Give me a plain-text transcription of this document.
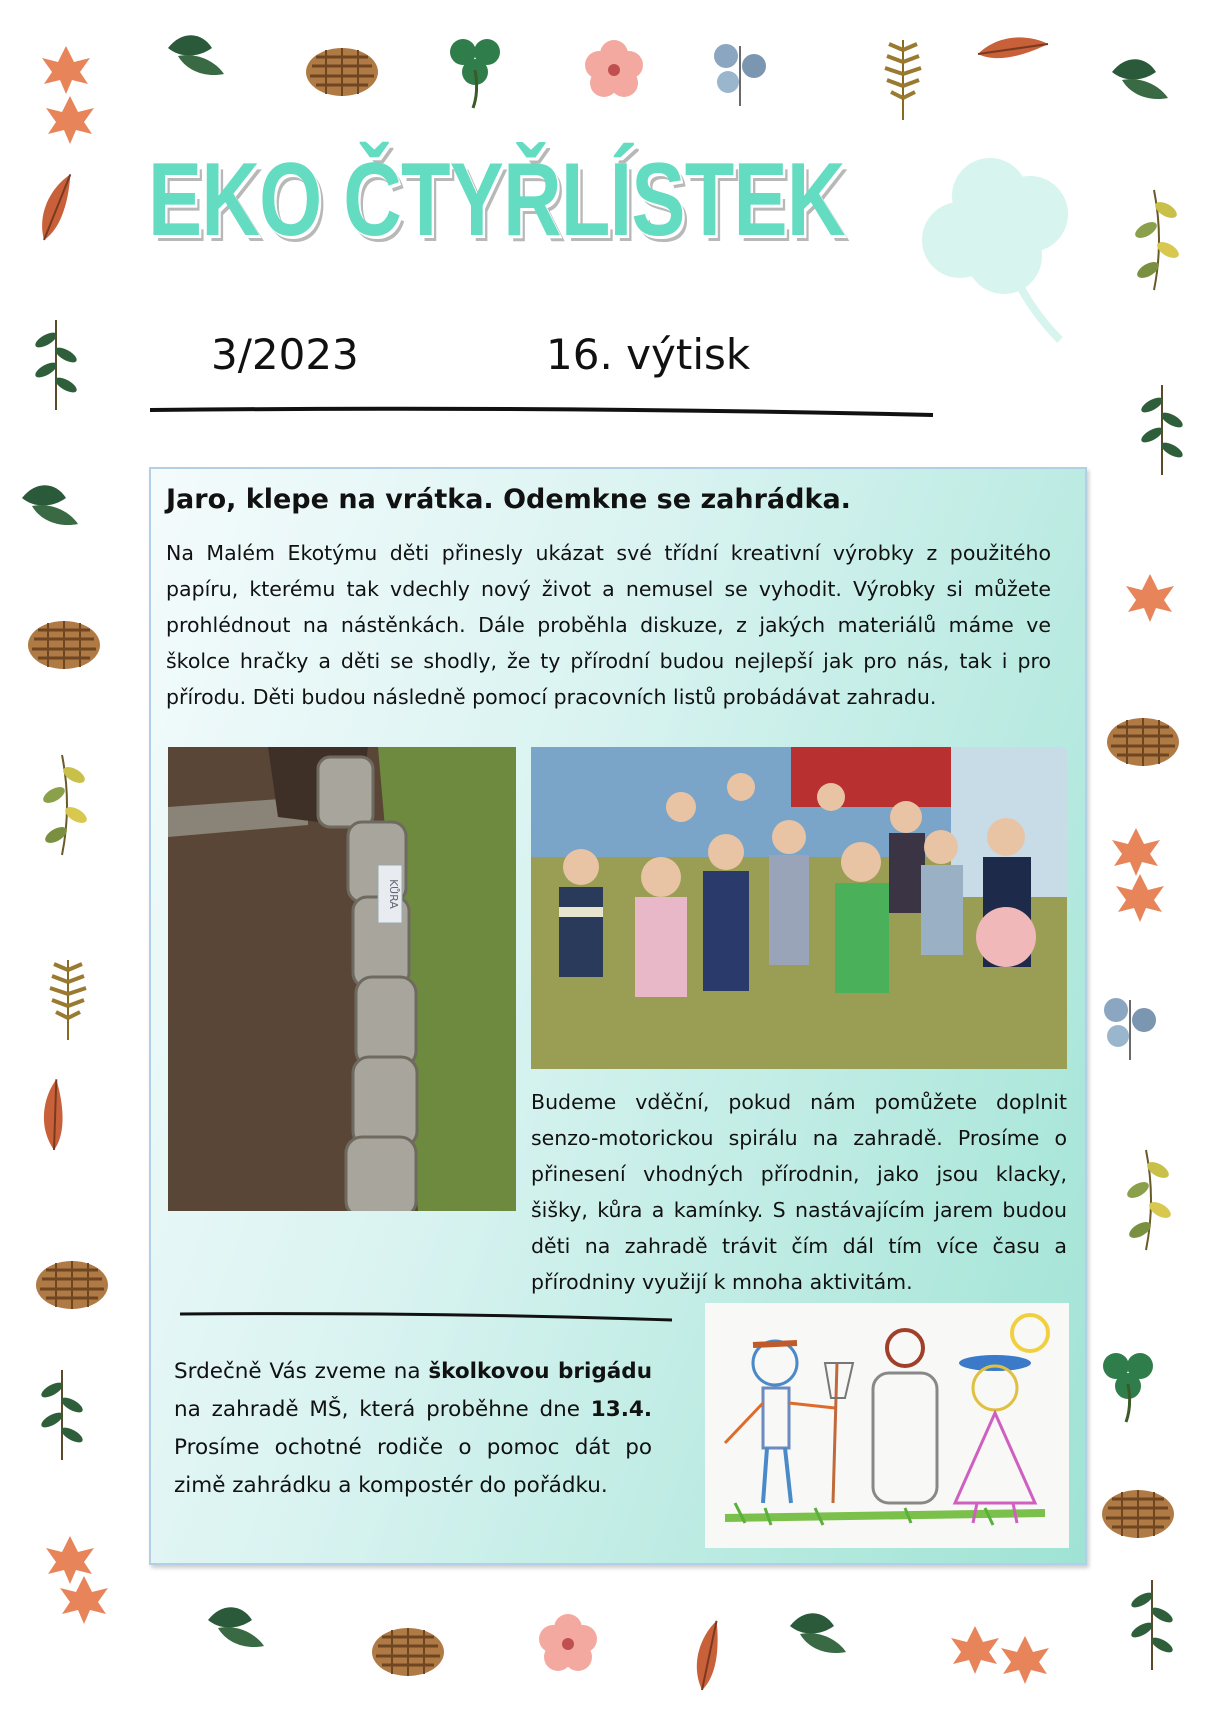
EKO ČTYŘLÍSTEK
3/2023	16. výtisk
Jaro, klepe na vrátka. Odemkne se zahrádka.
Na Malém Ekotýmu děti přinesly ukázat své třídní kreativní výrobky z použitého papíru, kterému tak vdechly nový život a nemusel se vyhodit. Výrobky si můžete prohlédnout na nástěnkách. Dále proběhla diskuze, z jakých materiálů máme ve školce hračky a děti se shodly, že ty přírodní budou nejlepší jak pro nás, tak i pro přírodu. Děti budou následně pomocí pracovních listů probádávat zahradu.
KŮRA
Budeme vděční, pokud nám pomůžete doplnit senzo-motorickou spirálu na zahradě. Prosíme o přinesení vhodných přírodnin, jako jsou klacky, šišky, kůra a kamínky. S nastávajícím jarem budou děti na zahradě trávit čím dál tím více času a přírodniny využijí k mnoha aktivitám.
Srdečně Vás zveme na školkovou brigádu na zahradě MŠ, která proběhne dne 13.4. Prosíme ochotné rodiče o pomoc dát po zimě zahrádku a kompostér do pořádku.
